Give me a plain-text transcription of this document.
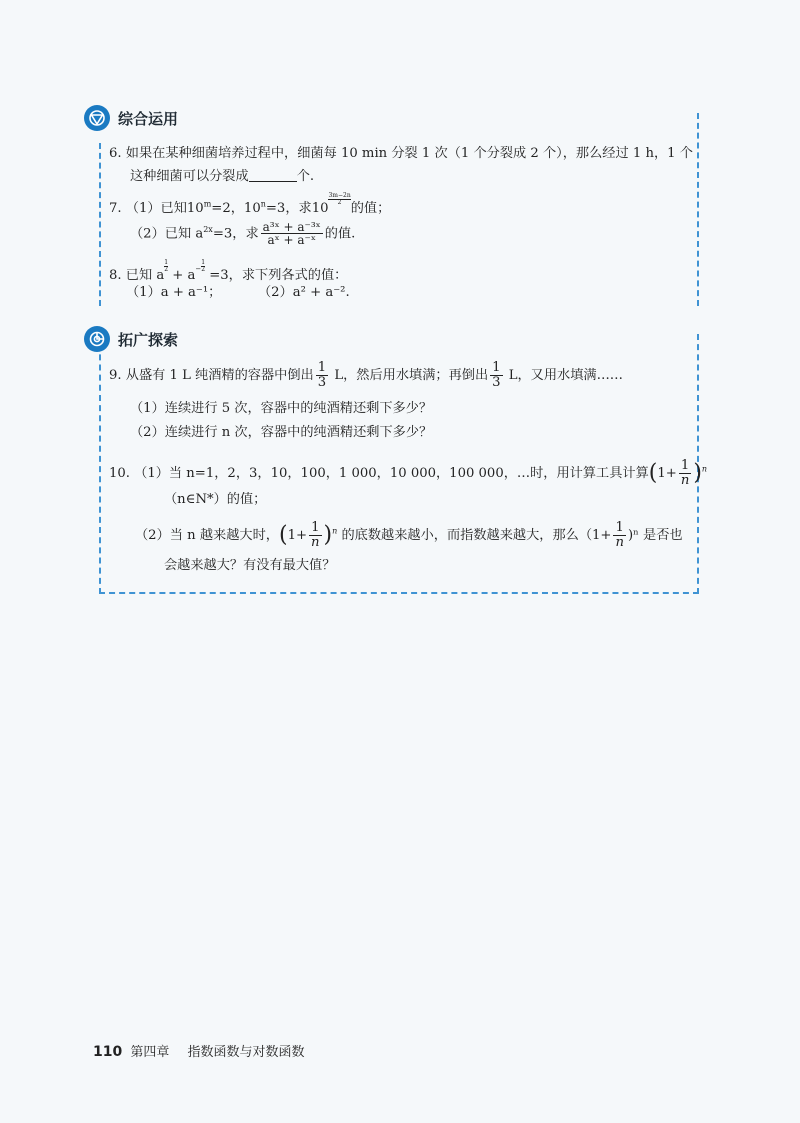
综合运用
6. 如果在某种细菌培养过程中，细菌每 10 min 分裂 1 次（1 个分裂成 2 个），那么经过 1 h，1 个
这种细菌可以分裂成	个.
7. （1）已知$10^m=2$，$10^n=3$，求10
$\frac{3m-2n}{2}$的值；
（2）已知 $a^{2x}=3$，求 $\frac{\text{a³ˣ + a⁻³ˣ}}{\text{aˣ + a⁻ˣ}}$ 的值.
8. 已知 a
$\frac{1}{2} + a^- \frac{1}{2} =3$，求下列各式的值：
（1）a + a⁻¹；	（2）a² + a⁻².
拓广探索
9. 从盛有 1 L 纯酒精的容器中倒出 $\frac{1}{3}$ L，然后用水填满；再倒出 $\frac{1}{3}$ L，又用水填满……
（1）连续进行 5 次，容器中的纯酒精还剩下多少？
（2）连续进行 n 次，容器中的纯酒精还剩下多少？
10. （1）当 n=1，2，3，10，100，1 000，10 000，100 000，…时，用计算工具计算$(1+ \frac{1}{n} )^n$
（n∈N*）的值；
（2）当 n 越来越大时，$(1+ \frac{1}{n} )^n$ 的底数越来越小，而指数越来越大，那么$(1+ \frac{1}{n} )^n$ 是否也
会越来越大？有没有最大值？
110 第四章 指数函数与对数函数
